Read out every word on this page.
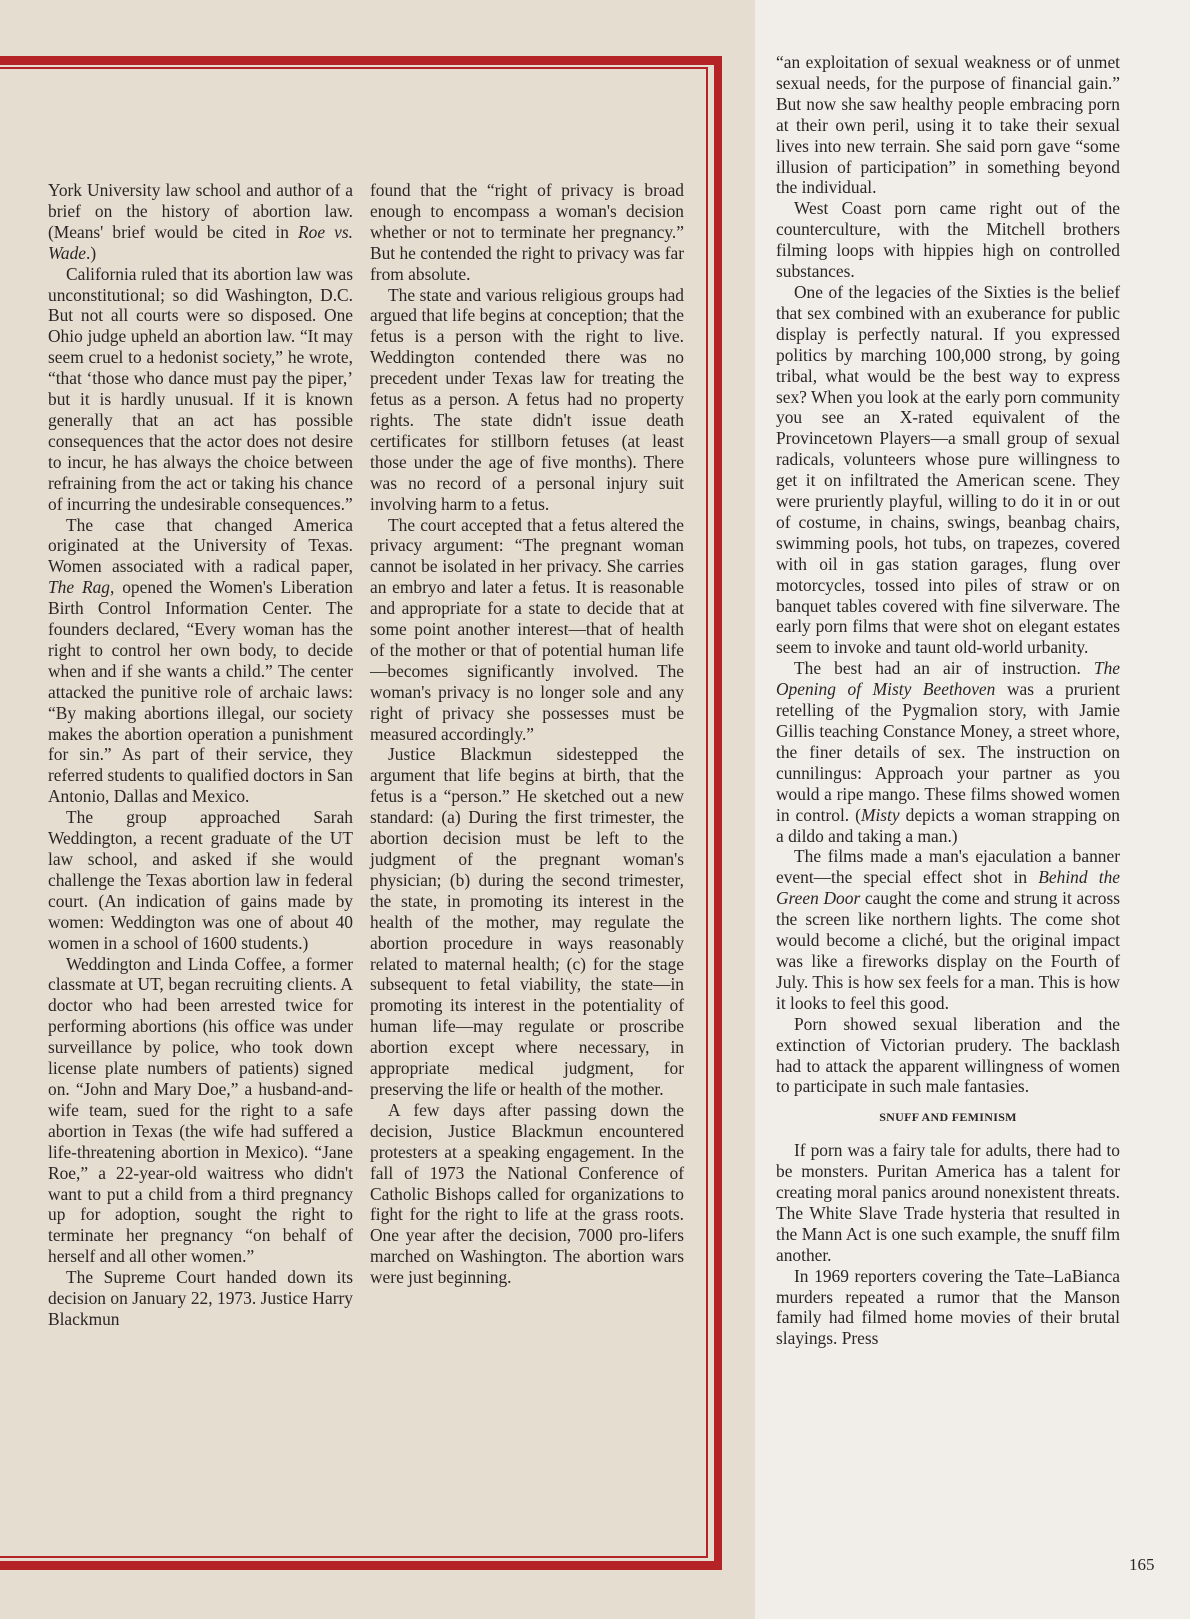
York University law school and author of a brief on the history of abortion law. (Means' brief would be cited in Roe vs. Wade.)

California ruled that its abortion law was unconstitutional; so did Washington, D.C. But not all courts were so disposed. One Ohio judge upheld an abortion law. “It may seem cruel to a hedonist society,” he wrote, “that ‘those who dance must pay the piper,’ but it is hardly unusual. If it is known generally that an act has possible consequences that the actor does not desire to incur, he has always the choice between refraining from the act or taking his chance of incurring the undesirable consequences.”

The case that changed America originated at the University of Texas. Women associated with a radical paper, The Rag, opened the Women's Liberation Birth Control Information Center. The founders declared, “Every woman has the right to control her own body, to decide when and if she wants a child.” The center attacked the punitive role of archaic laws: “By making abortions illegal, our society makes the abortion operation a punishment for sin.” As part of their service, they referred students to qualified doctors in San Antonio, Dallas and Mexico.

The group approached Sarah Weddington, a recent graduate of the UT law school, and asked if she would challenge the Texas abortion law in federal court. (An indication of gains made by women: Weddington was one of about 40 women in a school of 1600 students.)

Weddington and Linda Coffee, a former classmate at UT, began recruiting clients. A doctor who had been arrested twice for performing abortions (his office was under surveillance by police, who took down license plate numbers of patients) signed on. “John and Mary Doe,” a husband-and-wife team, sued for the right to a safe abortion in Texas (the wife had suffered a life-threatening abortion in Mexico). “Jane Roe,” a 22-year-old waitress who didn't want to put a child from a third pregnancy up for adoption, sought the right to terminate her pregnancy “on behalf of herself and all other women.”

The Supreme Court handed down its decision on January 22, 1973. Justice Harry Blackmun

found that the “right of privacy is broad enough to encompass a woman's decision whether or not to terminate her pregnancy.” But he contended the right to privacy was far from absolute.

The state and various religious groups had argued that life begins at conception; that the fetus is a person with the right to live. Weddington contended there was no precedent under Texas law for treating the fetus as a person. A fetus had no property rights. The state didn't issue death certificates for stillborn fetuses (at least those under the age of five months). There was no record of a personal injury suit involving harm to a fetus.

The court accepted that a fetus altered the privacy argument: “The pregnant woman cannot be isolated in her privacy. She carries an embryo and later a fetus. It is reasonable and appropriate for a state to decide that at some point another interest—that of health of the mother or that of potential human life—becomes significantly involved. The woman's privacy is no longer sole and any right of privacy she possesses must be measured accordingly.”

Justice Blackmun sidestepped the argument that life begins at birth, that the fetus is a “person.” He sketched out a new standard: (a) During the first trimester, the abortion decision must be left to the judgment of the pregnant woman's physician; (b) during the second trimester, the state, in promoting its interest in the health of the mother, may regulate the abortion procedure in ways reasonably related to maternal health; (c) for the stage subsequent to fetal viability, the state—in promoting its interest in the potentiality of human life—may regulate or proscribe abortion except where necessary, in appropriate medical judgment, for preserving the life or health of the mother.

A few days after passing down the decision, Justice Blackmun encountered protesters at a speaking engagement. In the fall of 1973 the National Conference of Catholic Bishops called for organizations to fight for the right to life at the grass roots. One year after the decision, 7000 pro-lifers marched on Washington. The abortion wars were just beginning.

“an exploitation of sexual weakness or of unmet sexual needs, for the purpose of financial gain.” But now she saw healthy people embracing porn at their own peril, using it to take their sexual lives into new terrain. She said porn gave “some illusion of participation” in something beyond the individual.

West Coast porn came right out of the counterculture, with the Mitchell brothers filming loops with hippies high on controlled substances.

One of the legacies of the Sixties is the belief that sex combined with an exuberance for public display is perfectly natural. If you expressed politics by marching 100,000 strong, by going tribal, what would be the best way to express sex? When you look at the early porn community you see an X-rated equivalent of the Provincetown Players—a small group of sexual radicals, volunteers whose pure willingness to get it on infiltrated the American scene. They were pruriently playful, willing to do it in or out of costume, in chains, swings, beanbag chairs, swimming pools, hot tubs, on trapezes, covered with oil in gas station garages, flung over motorcycles, tossed into piles of straw or on banquet tables covered with fine silverware. The early porn films that were shot on elegant estates seem to invoke and taunt old-world urbanity.

The best had an air of instruction. The Opening of Misty Beethoven was a prurient retelling of the Pygmalion story, with Jamie Gillis teaching Constance Money, a street whore, the finer details of sex. The instruction on cunnilingus: Approach your partner as you would a ripe mango. These films showed women in control. (Misty depicts a woman strapping on a dildo and taking a man.)

The films made a man's ejaculation a banner event—the special effect shot in Behind the Green Door caught the come and strung it across the screen like northern lights. The come shot would become a cliché, but the original impact was like a fireworks display on the Fourth of July. This is how sex feels for a man. This is how it looks to feel this good.

Porn showed sexual liberation and the extinction of Victorian prudery. The backlash had to attack the apparent willingness of women to participate in such male fantasies.

SNUFF AND FEMINISM

If porn was a fairy tale for adults, there had to be monsters. Puritan America has a talent for creating moral panics around nonexistent threats. The White Slave Trade hysteria that resulted in the Mann Act is one such example, the snuff film another.

In 1969 reporters covering the Tate–LaBianca murders repeated a rumor that the Manson family had filmed home movies of their brutal slayings. Press

165
